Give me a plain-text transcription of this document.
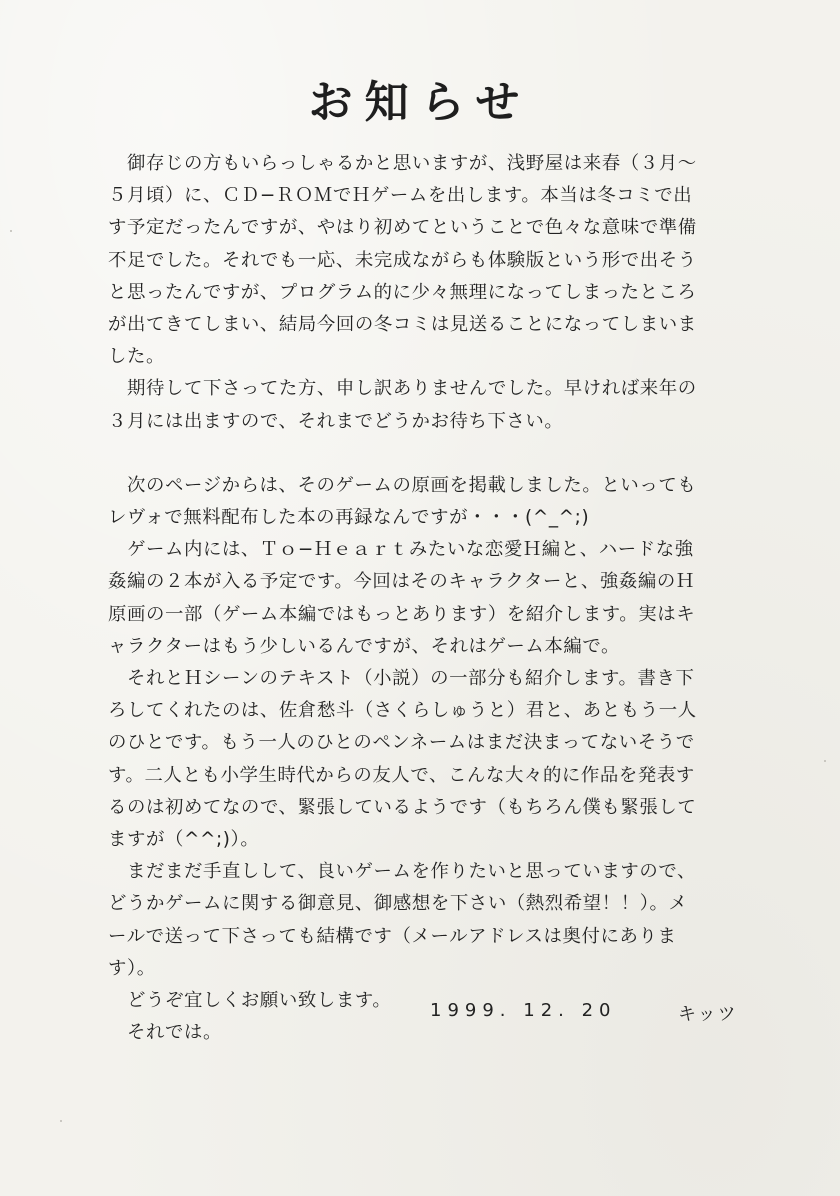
お知らせ
　御存じの方もいらっしゃるかと思いますが、浅野屋は来春（３月〜
５月頃）に、ＣＤ−ＲＯＭでＨゲームを出します。本当は冬コミで出
す予定だったんですが、やはり初めてということで色々な意味で準備
不足でした。それでも一応、未完成ながらも体験版という形で出そう
と思ったんですが、プログラム的に少々無理になってしまったところ
が出てきてしまい、結局今回の冬コミは見送ることになってしまいま
した。
　期待して下さってた方、申し訳ありませんでした。早ければ来年の
３月には出ますので、それまでどうかお待ち下さい。
　次のページからは、そのゲームの原画を掲載しました。といっても
レヴォで無料配布した本の再録なんですが・・・(^_^;)
　ゲーム内には、Ｔｏ−Ｈｅａｒｔみたいな恋愛Ｈ編と、ハードな強
姦編の２本が入る予定です。今回はそのキャラクターと、強姦編のＨ
原画の一部（ゲーム本編ではもっとあります）を紹介します。実はキ
ャラクターはもう少しいるんですが、それはゲーム本編で。
　それとＨシーンのテキスト（小説）の一部分も紹介します。書き下
ろしてくれたのは、佐倉愁斗（さくらしゅうと）君と、あともう一人
のひとです。もう一人のひとのペンネームはまだ決まってないそうで
す。二人とも小学生時代からの友人で、こんな大々的に作品を発表す
るのは初めてなので、緊張しているようです（もちろん僕も緊張して
ますが（^^;)）。
　まだまだ手直しして、良いゲームを作りたいと思っていますので、
どうかゲームに関する御意見、御感想を下さい（熱烈希望！！）。メ
ールで送って下さっても結構です（メールアドレスは奥付にありま
す）。
　どうぞ宜しくお願い致します。
　それでは。
1999. 12. 20	キッツ
